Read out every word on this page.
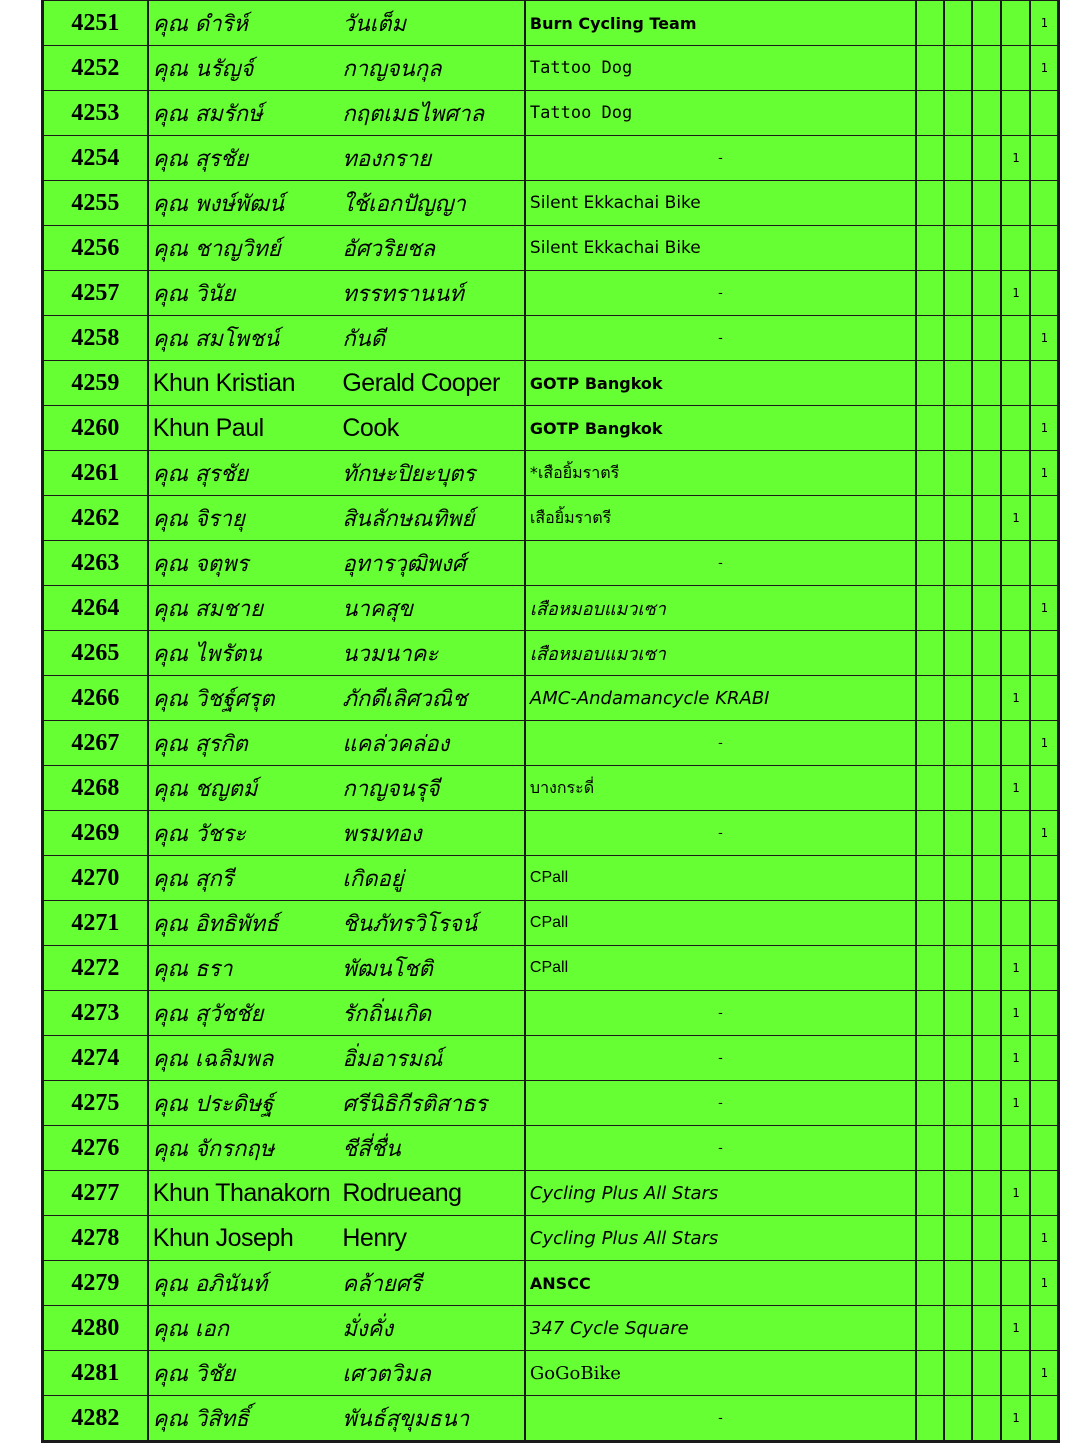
4251	คุณ ดำริห์	วันเต็ม	Burn Cycling Team					1
4252	คุณ นรัญจ์	กาญจนกุล	Tattoo Dog					1
4253	คุณ สมรักษ์	กฤตเมธไพศาล	Tattoo Dog					
4254	คุณ สุรชัย	ทองกราย	-				1	
4255	คุณ พงษ์พัฒน์	ใช้เอกปัญญา	Silent Ekkachai Bike					
4256	คุณ ชาญวิทย์	อัศวริยชล	Silent Ekkachai Bike					
4257	คุณ วินัย	ทรรทรานนท์	-				1	
4258	คุณ สมโพชน์	กันดี	-					1
4259	Khun Kristian	Gerald Cooper	GOTP Bangkok					
4260	Khun Paul	Cook	GOTP Bangkok					1
4261	คุณ สุรชัย	ทักษะปิยะบุตร	*เสือยิ้มราตรี					1
4262	คุณ จิรายุ	สินลักษณทิพย์	เสือยิ้มราตรี				1	
4263	คุณ จตุพร	อุทารวุฒิพงศ์	-					
4264	คุณ สมชาย	นาคสุข	เสือหมอบแมวเซา					1
4265	คุณ ไพรัตน	นวมนาคะ	เสือหมอบแมวเซา					
4266	คุณ วิชฐ์ศรุต	ภักดีเลิศวณิช	AMC-Andamancycle KRABI				1	
4267	คุณ สุรกิต	แคล่วคล่อง	-					1
4268	คุณ ชญตม์	กาญจนรุจี	บางกระดี่				1	
4269	คุณ วัชระ	พรมทอง	-					1
4270	คุณ สุกรี	เกิดอยู่	CPall					
4271	คุณ อิทธิพัทธ์	ชินภัทรวิโรจน์	CPall					
4272	คุณ ธรา	พัฒนโชติ	CPall				1	
4273	คุณ สุวัชชัย	รักถิ่นเกิด	-				1	
4274	คุณ เฉลิมพล	อิ่มอารมณ์	-				1	
4275	คุณ ประดิษฐ์	ศรีนิธิกีรติสาธร	-				1	
4276	คุณ จักรกฤษ	ชีสี่ชื่น	-					
4277	Khun Thanakorn	Rodrueang	Cycling Plus All Stars				1	
4278	Khun Joseph	Henry	Cycling Plus All Stars					1
4279	คุณ อภินันท์	คล้ายศรี	ANSCC					1
4280	คุณ เอก	มั่งคั่ง	347 Cycle Square				1	
4281	คุณ วิชัย	เศวตวิมล	GoGoBike					1
4282	คุณ วิสิทธิ์	พันธ์สุขุมธนา	-				1	
